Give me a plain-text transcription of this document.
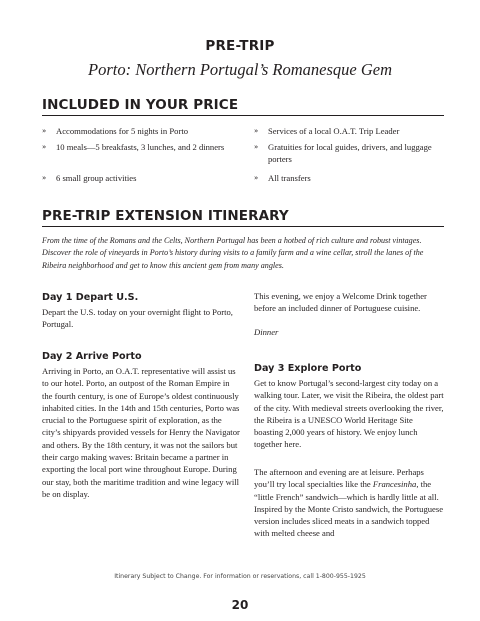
PRE-TRIP
Porto: Northern Portugal’s Romanesque Gem
INCLUDED IN YOUR PRICE
»	Accommodations for 5 nights in Porto
»	10 meals—5 breakfasts, 3 lunches, and 2 dinners
»	6 small group activities
»	Services of a local O.A.T. Trip Leader
»	Gratuities for local guides, drivers, and luggage porters
»	All transfers
PRE-TRIP EXTENSION ITINERARY
From the time of the Romans and the Celts, Northern Portugal has been a hotbed of rich culture and robust vintages. Discover the role of vineyards in Porto’s history during visits to a family farm and a wine cellar, stroll the lanes of the Ribeira neighborhood and get to know this ancient gem from many angles.
Day 1 Depart U.S.
Depart the U.S. today on your overnight flight to Porto, Portugal.
Day 2 Arrive Porto
Arriving in Porto, an O.A.T. representative will assist us to our hotel. Porto, an outpost of the Roman Empire in the fourth century, is one of Europe’s oldest continuously inhabited cities. In the 14th and 15th centuries, Porto was crucial to the Portuguese spirit of exploration, as the city’s shipyards provided vessels for Henry the Navigator and others. By the 18th century, it was not the sailors but their cargo making waves: Britain became a partner in exporting the local port wine throughout Europe. During our stay, both the maritime tradition and wine legacy will be on display.
This evening, we enjoy a Welcome Drink together before an included dinner of Portuguese cuisine.
Dinner
Day 3 Explore Porto
Get to know Portugal’s second-largest city today on a walking tour. Later, we visit the Ribeira, the oldest part of the city. With medieval streets overlooking the river, the Ribeira is a UNESCO World Heritage Site boasting 2,000 years of history. We enjoy lunch together here.
The afternoon and evening are at leisure. Perhaps you’ll try local specialties like the Francesinha, the “little French” sandwich—which is hardly little at all. Inspired by the Monte Cristo sandwich, the Portuguese version includes sliced meats in a sandwich topped with melted cheese and
Itinerary Subject to Change. For information or reservations, call 1-800-955-1925
20
